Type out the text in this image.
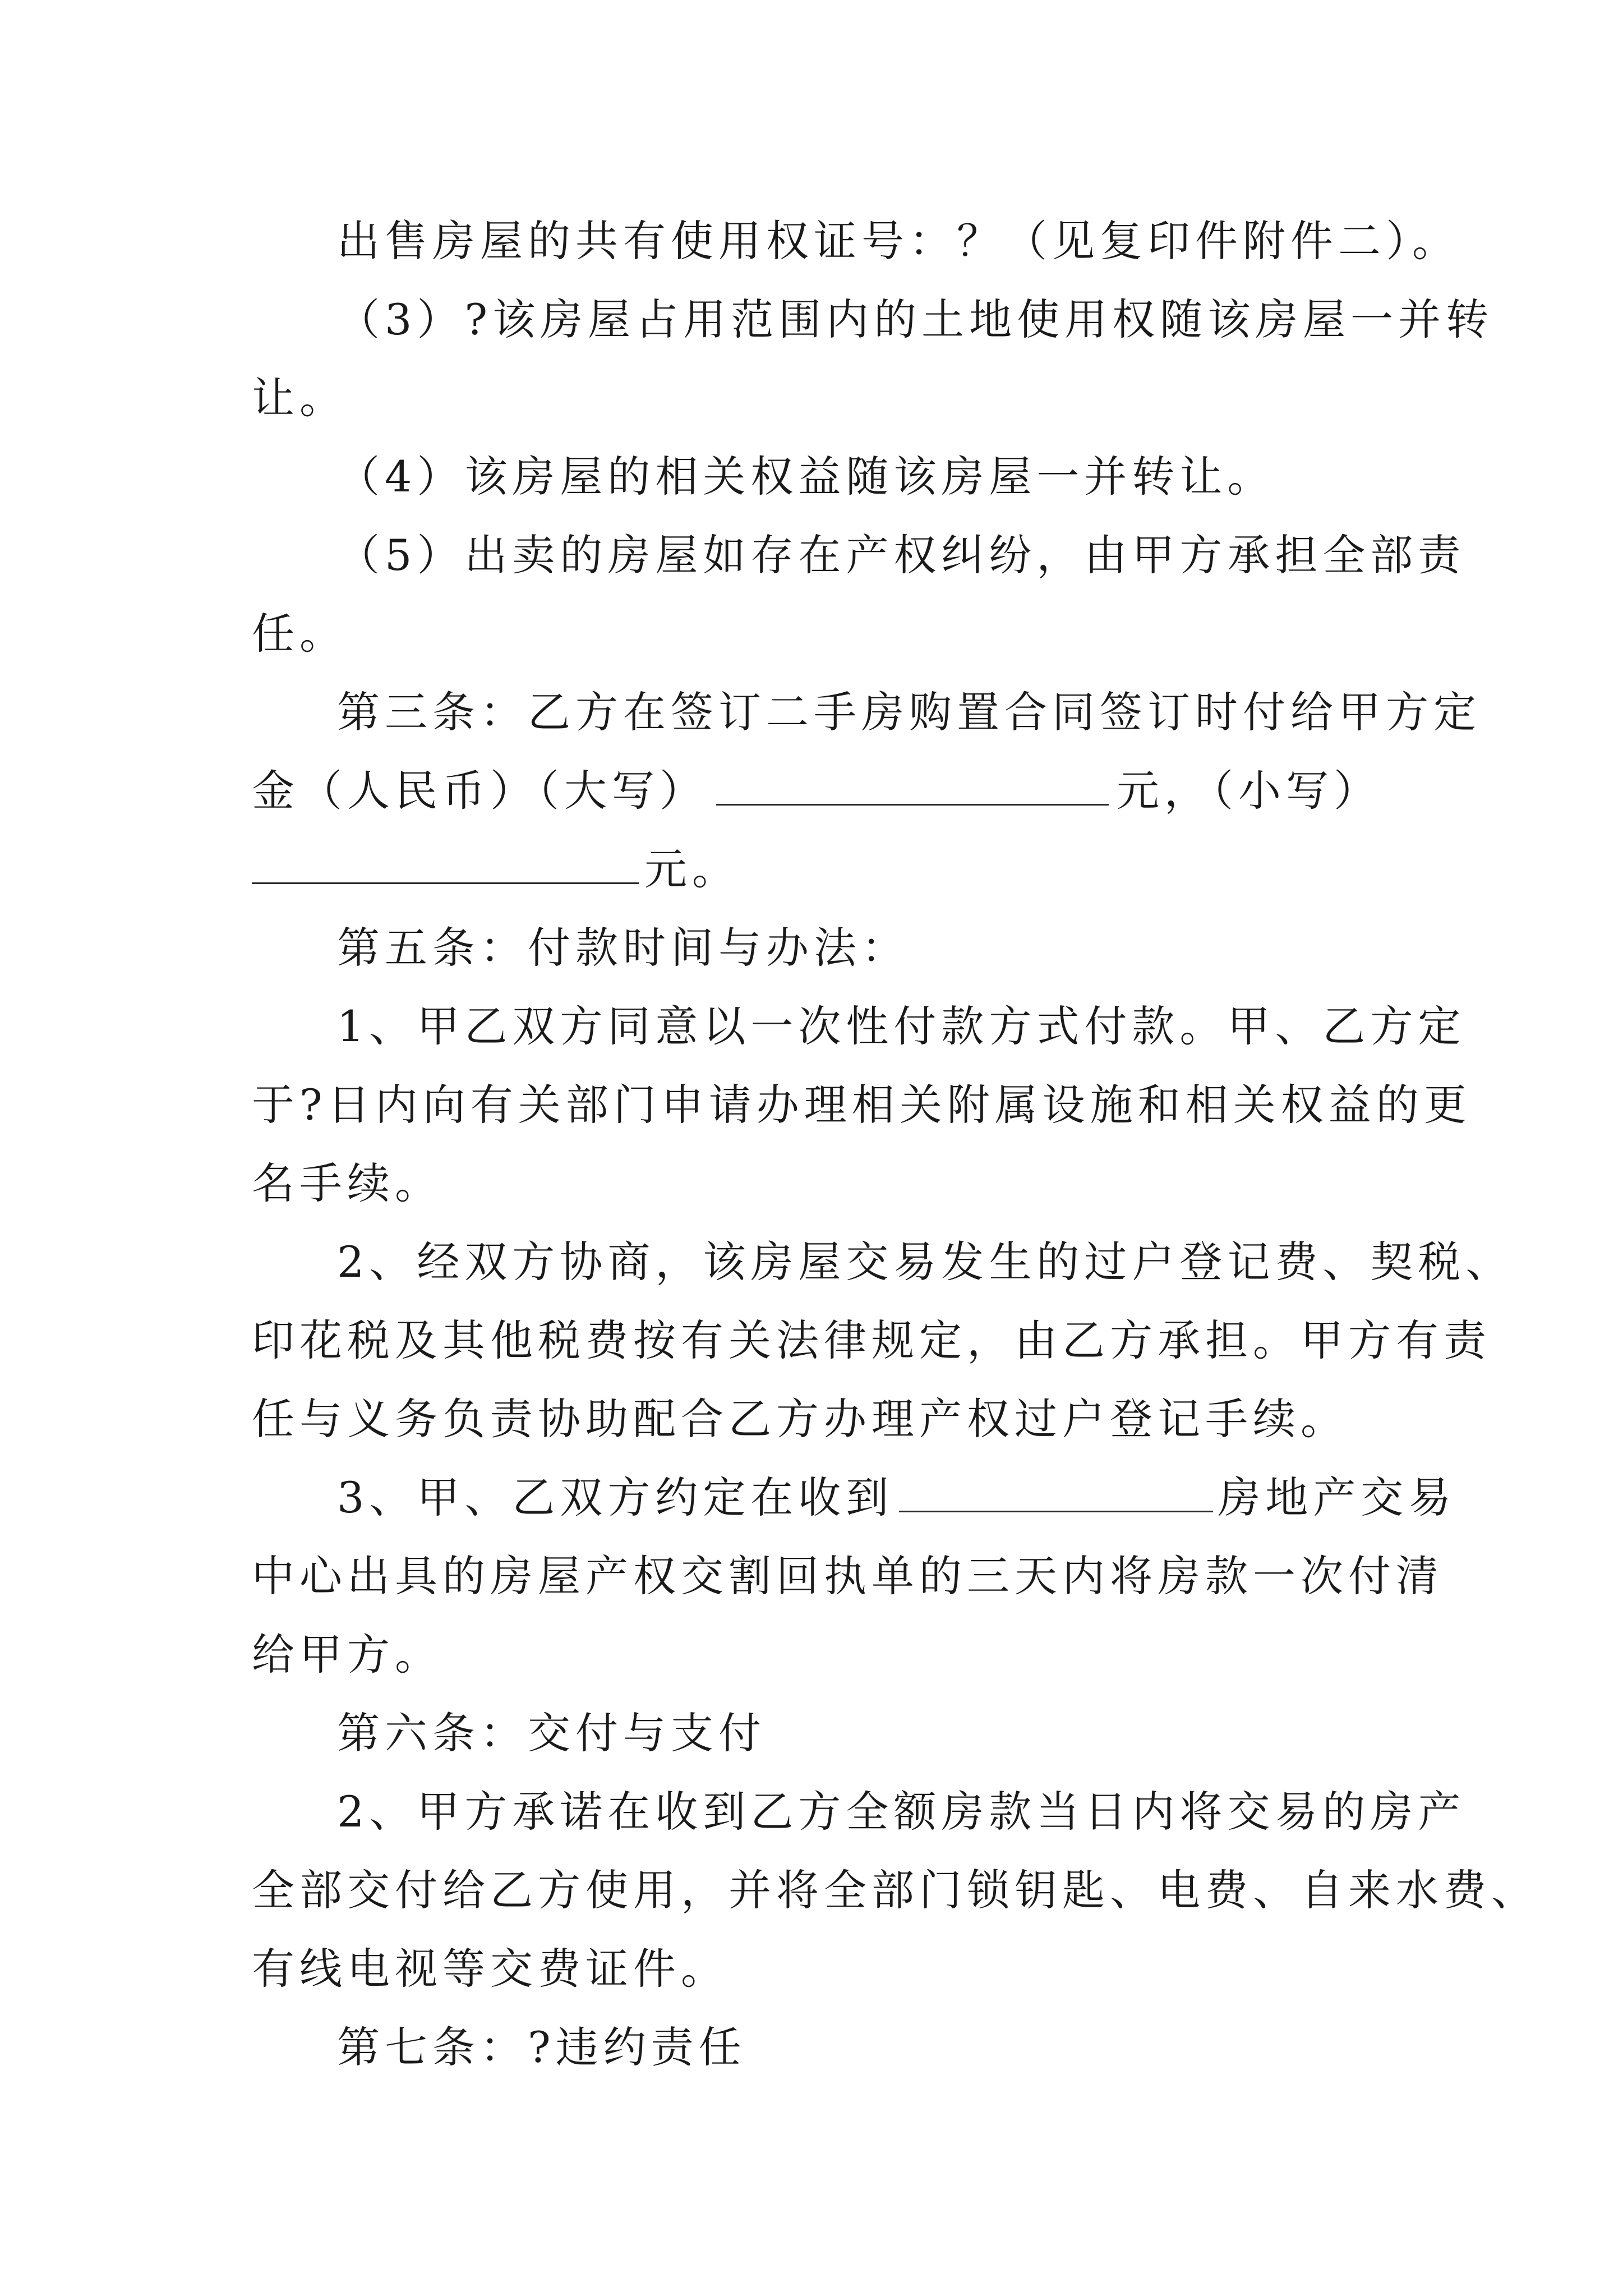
出售房屋的共有使用权证号：？（见复印件附件二）。
（3）?该房屋占用范围内的土地使用权随该房屋一并转
让。
（4）该房屋的相关权益随该房屋一并转让。
（5）出卖的房屋如存在产权纠纷，由甲方承担全部责
任。
第三条：乙方在签订二手房购置合同签订时付给甲方定
金（人民币）（大写）	元，（小写）
元。
第五条：付款时间与办法：
1、甲乙双方同意以一次性付款方式付款。甲、乙方定
于?日内向有关部门申请办理相关附属设施和相关权益的更
名手续。
2、经双方协商，该房屋交易发生的过户登记费、契税、
印花税及其他税费按有关法律规定，由乙方承担。甲方有责
任与义务负责协助配合乙方办理产权过户登记手续。
3、甲、乙双方约定在收到	房地产交易
中心出具的房屋产权交割回执单的三天内将房款一次付清
给甲方。
第六条：交付与支付
2、甲方承诺在收到乙方全额房款当日内将交易的房产
全部交付给乙方使用，并将全部门锁钥匙、电费、自来水费、
有线电视等交费证件。
第七条：?违约责任
